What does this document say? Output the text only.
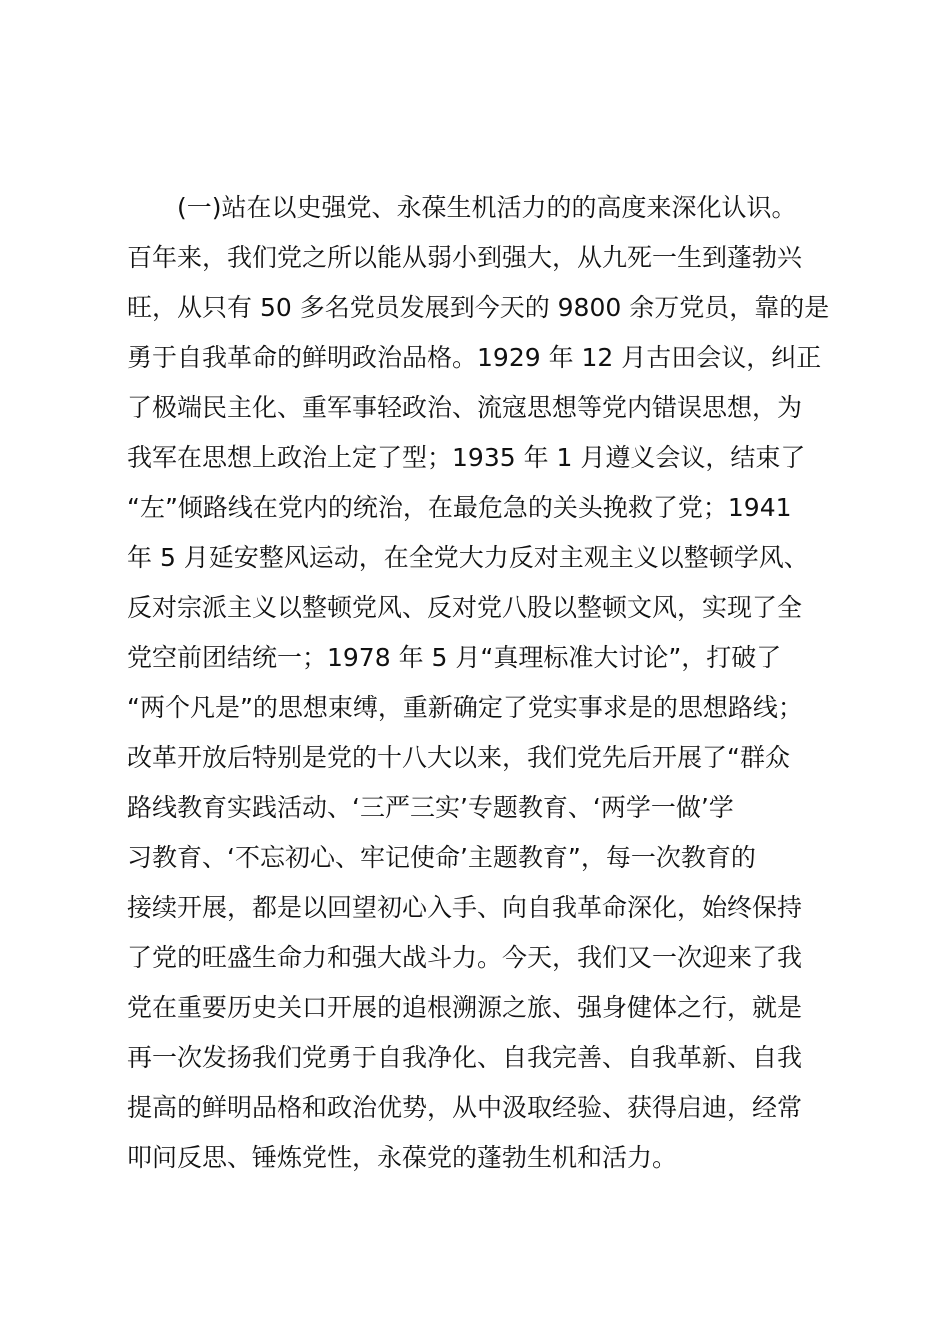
(一)站在以史强党、永葆生机活力的的高度来深化认识。
百年来，我们党之所以能从弱小到强大，从九死一生到蓬勃兴
旺，从只有 50 多名党员发展到今天的 9800 余万党员，靠的是
勇于自我革命的鲜明政治品格。1929 年 12 月古田会议，纠正
了极端民主化、重军事轻政治、流寇思想等党内错误思想，为
我军在思想上政治上定了型；1935 年 1 月遵义会议，结束了
“左”倾路线在党内的统治，在最危急的关头挽救了党；1941
年 5 月延安整风运动，在全党大力反对主观主义以整顿学风、
反对宗派主义以整顿党风、反对党八股以整顿文风，实现了全
党空前团结统一；1978 年 5 月“真理标准大讨论”，打破了
“两个凡是”的思想束缚，重新确定了党实事求是的思想路线；
改革开放后特别是党的十八大以来，我们党先后开展了“群众
路线教育实践活动、‘三严三实’专题教育、‘两学一做’学
习教育、‘不忘初心、牢记使命’主题教育”，每一次教育的
接续开展，都是以回望初心入手、向自我革命深化，始终保持
了党的旺盛生命力和强大战斗力。今天，我们又一次迎来了我
党在重要历史关口开展的追根溯源之旅、强身健体之行，就是
再一次发扬我们党勇于自我净化、自我完善、自我革新、自我
提高的鲜明品格和政治优势，从中汲取经验、获得启迪，经常
叩问反思、锤炼党性，永葆党的蓬勃生机和活力。
